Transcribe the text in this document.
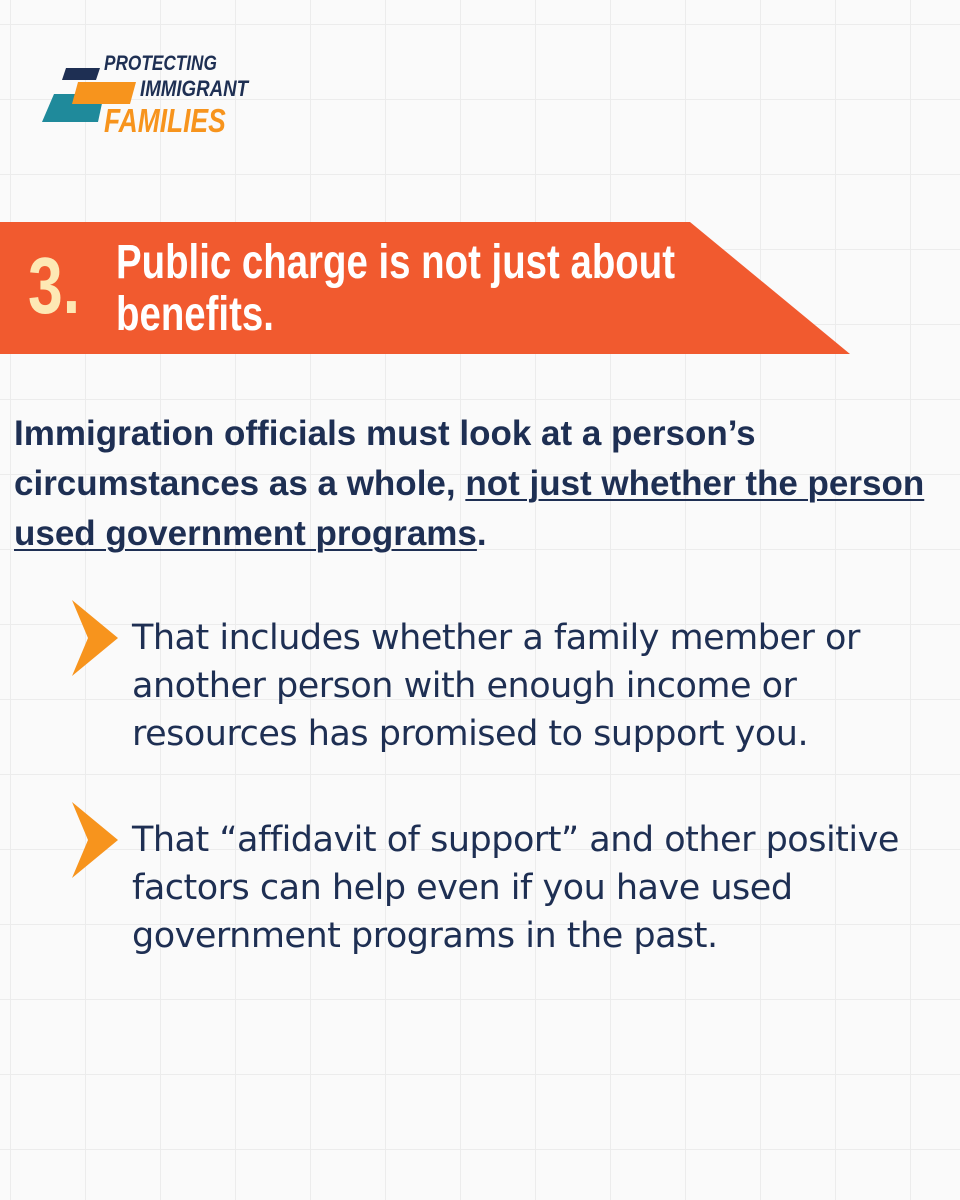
PROTECTING
IMMIGRANT
FAMILIES
3. Public charge is not just about benefits.
Immigration officials must look at a person’s circumstances as a whole, not just whether the person used government programs.
That includes whether a family member or another person with enough income or resources has promised to support you.
That “affidavit of support” and other positive factors can help even if you have used government programs in the past.
